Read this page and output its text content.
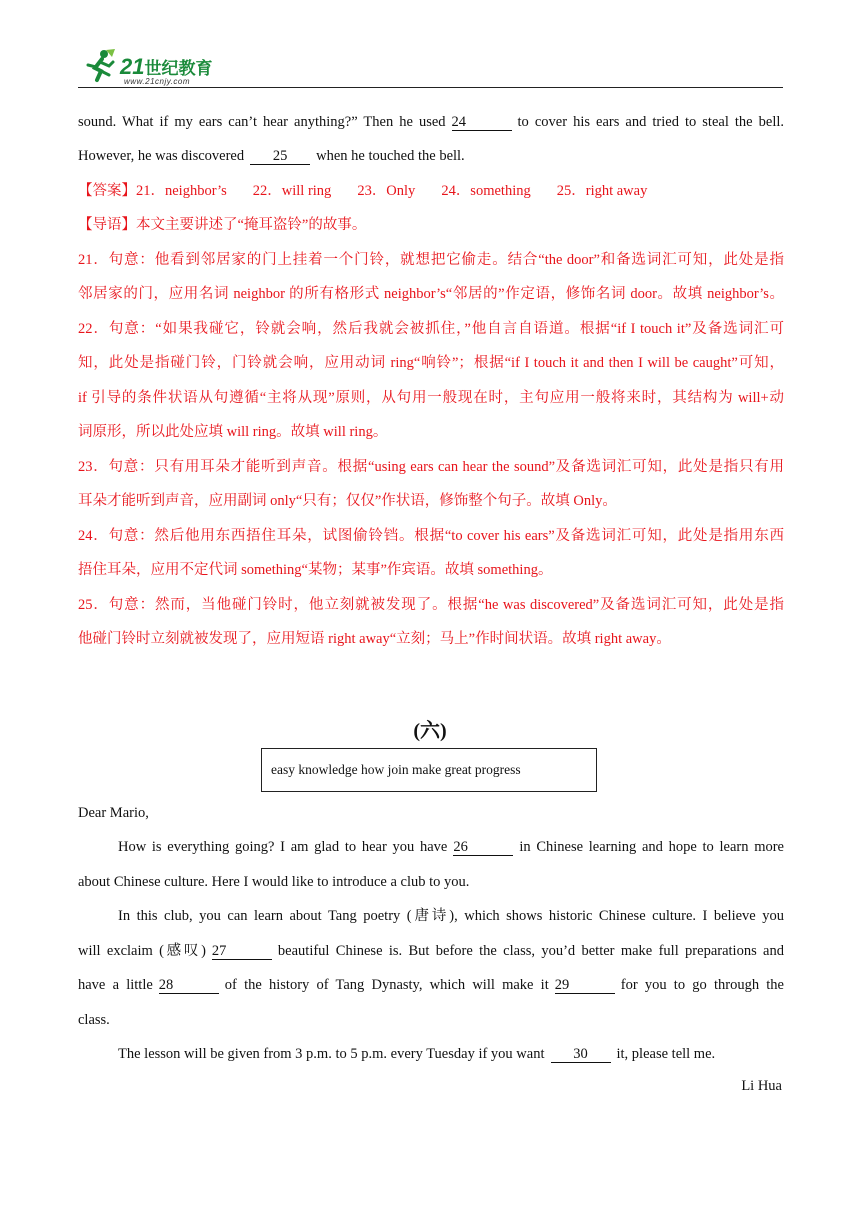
21世纪教育
www.21cnjy.com
sound. What if my ears can’t hear anything?” Then he used 24	to cover his ears and tried to steal the bell.
However, he was discovered 25 when he touched the bell.
【答案】21．neighbor’s 22．will ring 23．Only 24．something 25．right away
【导语】本文主要讲述了“掩耳盗铃”的故事。
21．句意：他看到邻居家的门上挂着一个门铃，就想把它偷走。结合“the door”和备选词汇可知，此处是指
邻居家的门，应用名词 neighbor 的所有格形式 neighbor’s“邻居的”作定语，修饰名词 door。故填 neighbor’s。
22．句意：“如果我碰它，铃就会响，然后我就会被抓住，”他自言自语道。根据“if I touch it”及备选词汇可
知，此处是指碰门铃，门铃就会响，应用动词 ring“响铃”；根据“if I touch it and then I will be caught”可知，
if 引导的条件状语从句遵循“主将从现”原则，从句用一般现在时，主句应用一般将来时，其结构为 will+动
词原形，所以此处应填 will ring。故填 will ring。
23．句意：只有用耳朵才能听到声音。根据“using ears can hear the sound”及备选词汇可知，此处是指只有用
耳朵才能听到声音，应用副词 only“只有；仅仅”作状语，修饰整个句子。故填 Only。
24．句意：然后他用东西捂住耳朵，试图偷铃铛。根据“to cover his ears”及备选词汇可知，此处是指用东西
捂住耳朵，应用不定代词 something“某物；某事”作宾语。故填 something。
25．句意：然而，当他碰门铃时，他立刻就被发现了。根据“he was discovered”及备选词汇可知，此处是指
他碰门铃时立刻就被发现了，应用短语 right away“立刻；马上”作时间状语。故填 right away。
(六)
easy knowledge how join make great progress
Dear Mario,
How is everything going? I am glad to hear you have 26	in Chinese learning and hope to learn more
about Chinese culture. Here I would like to introduce a club to you.
In this club, you can learn about Tang poetry (唐诗), which shows historic Chinese culture. I believe you
will exclaim (感叹) 27	beautiful Chinese is. But before the class, you’d better make full preparations and
have a little 28	of the history of Tang Dynasty, which will make it 29	for you to go through the
class.
The lesson will be given from 3 p.m. to 5 p.m. every Tuesday if you want 30 it, please tell me.
Li Hua
